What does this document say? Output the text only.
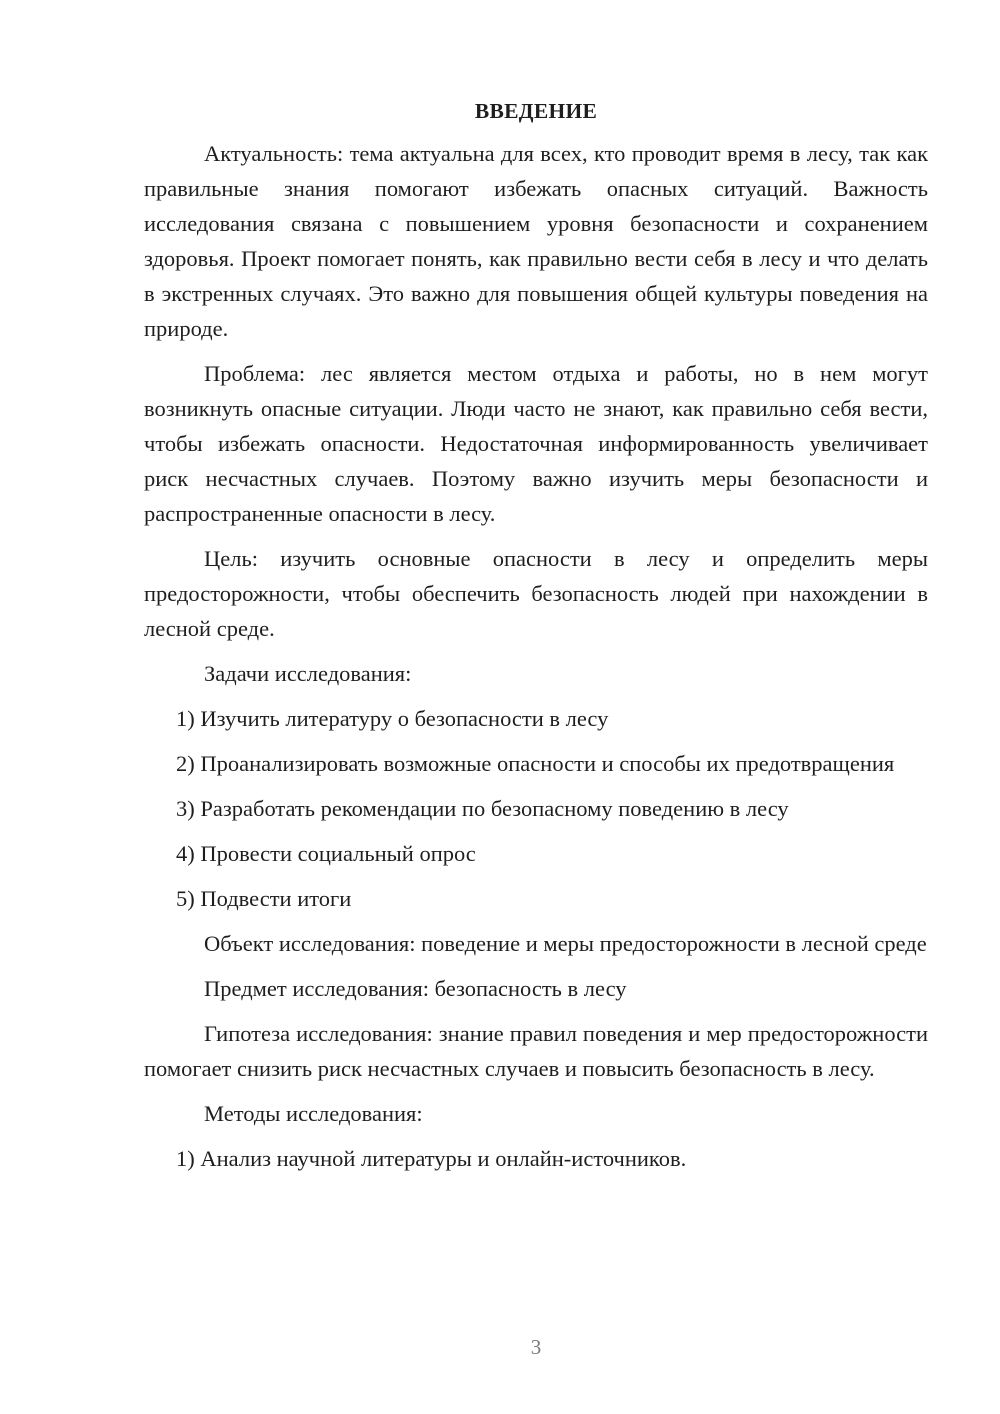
ВВЕДЕНИЕ

Актуальность: тема актуальна для всех, кто проводит время в лесу, так как правильные знания помогают избежать опасных ситуаций. Важность исследования связана с повышением уровня безопасности и сохранением здоровья. Проект помогает понять, как правильно вести себя в лесу и что делать в экстренных случаях. Это важно для повышения общей культуры поведения на природе.

Проблема: лес является местом отдыха и работы, но в нем могут возникнуть опасные ситуации. Люди часто не знают, как правильно себя вести, чтобы избежать опасности. Недостаточная информированность увеличивает риск несчастных случаев. Поэтому важно изучить меры безопасности и распространенные опасности в лесу.

Цель: изучить основные опасности в лесу и определить меры предосторожности, чтобы обеспечить безопасность людей при нахождении в лесной среде.

Задачи исследования:

1) Изучить литературу о безопасности в лесу

2) Проанализировать возможные опасности и способы их предотвращения

3) Разработать рекомендации по безопасному поведению в лесу

4) Провести социальный опрос

5) Подвести итоги

Объект исследования: поведение и меры предосторожности в лесной среде

Предмет исследования: безопасность в лесу

Гипотеза исследования: знание правил поведения и мер предосторожности помогает снизить риск несчастных случаев и повысить безопасность в лесу.

Методы исследования:

1) Анализ научной литературы и онлайн-источников.

3
